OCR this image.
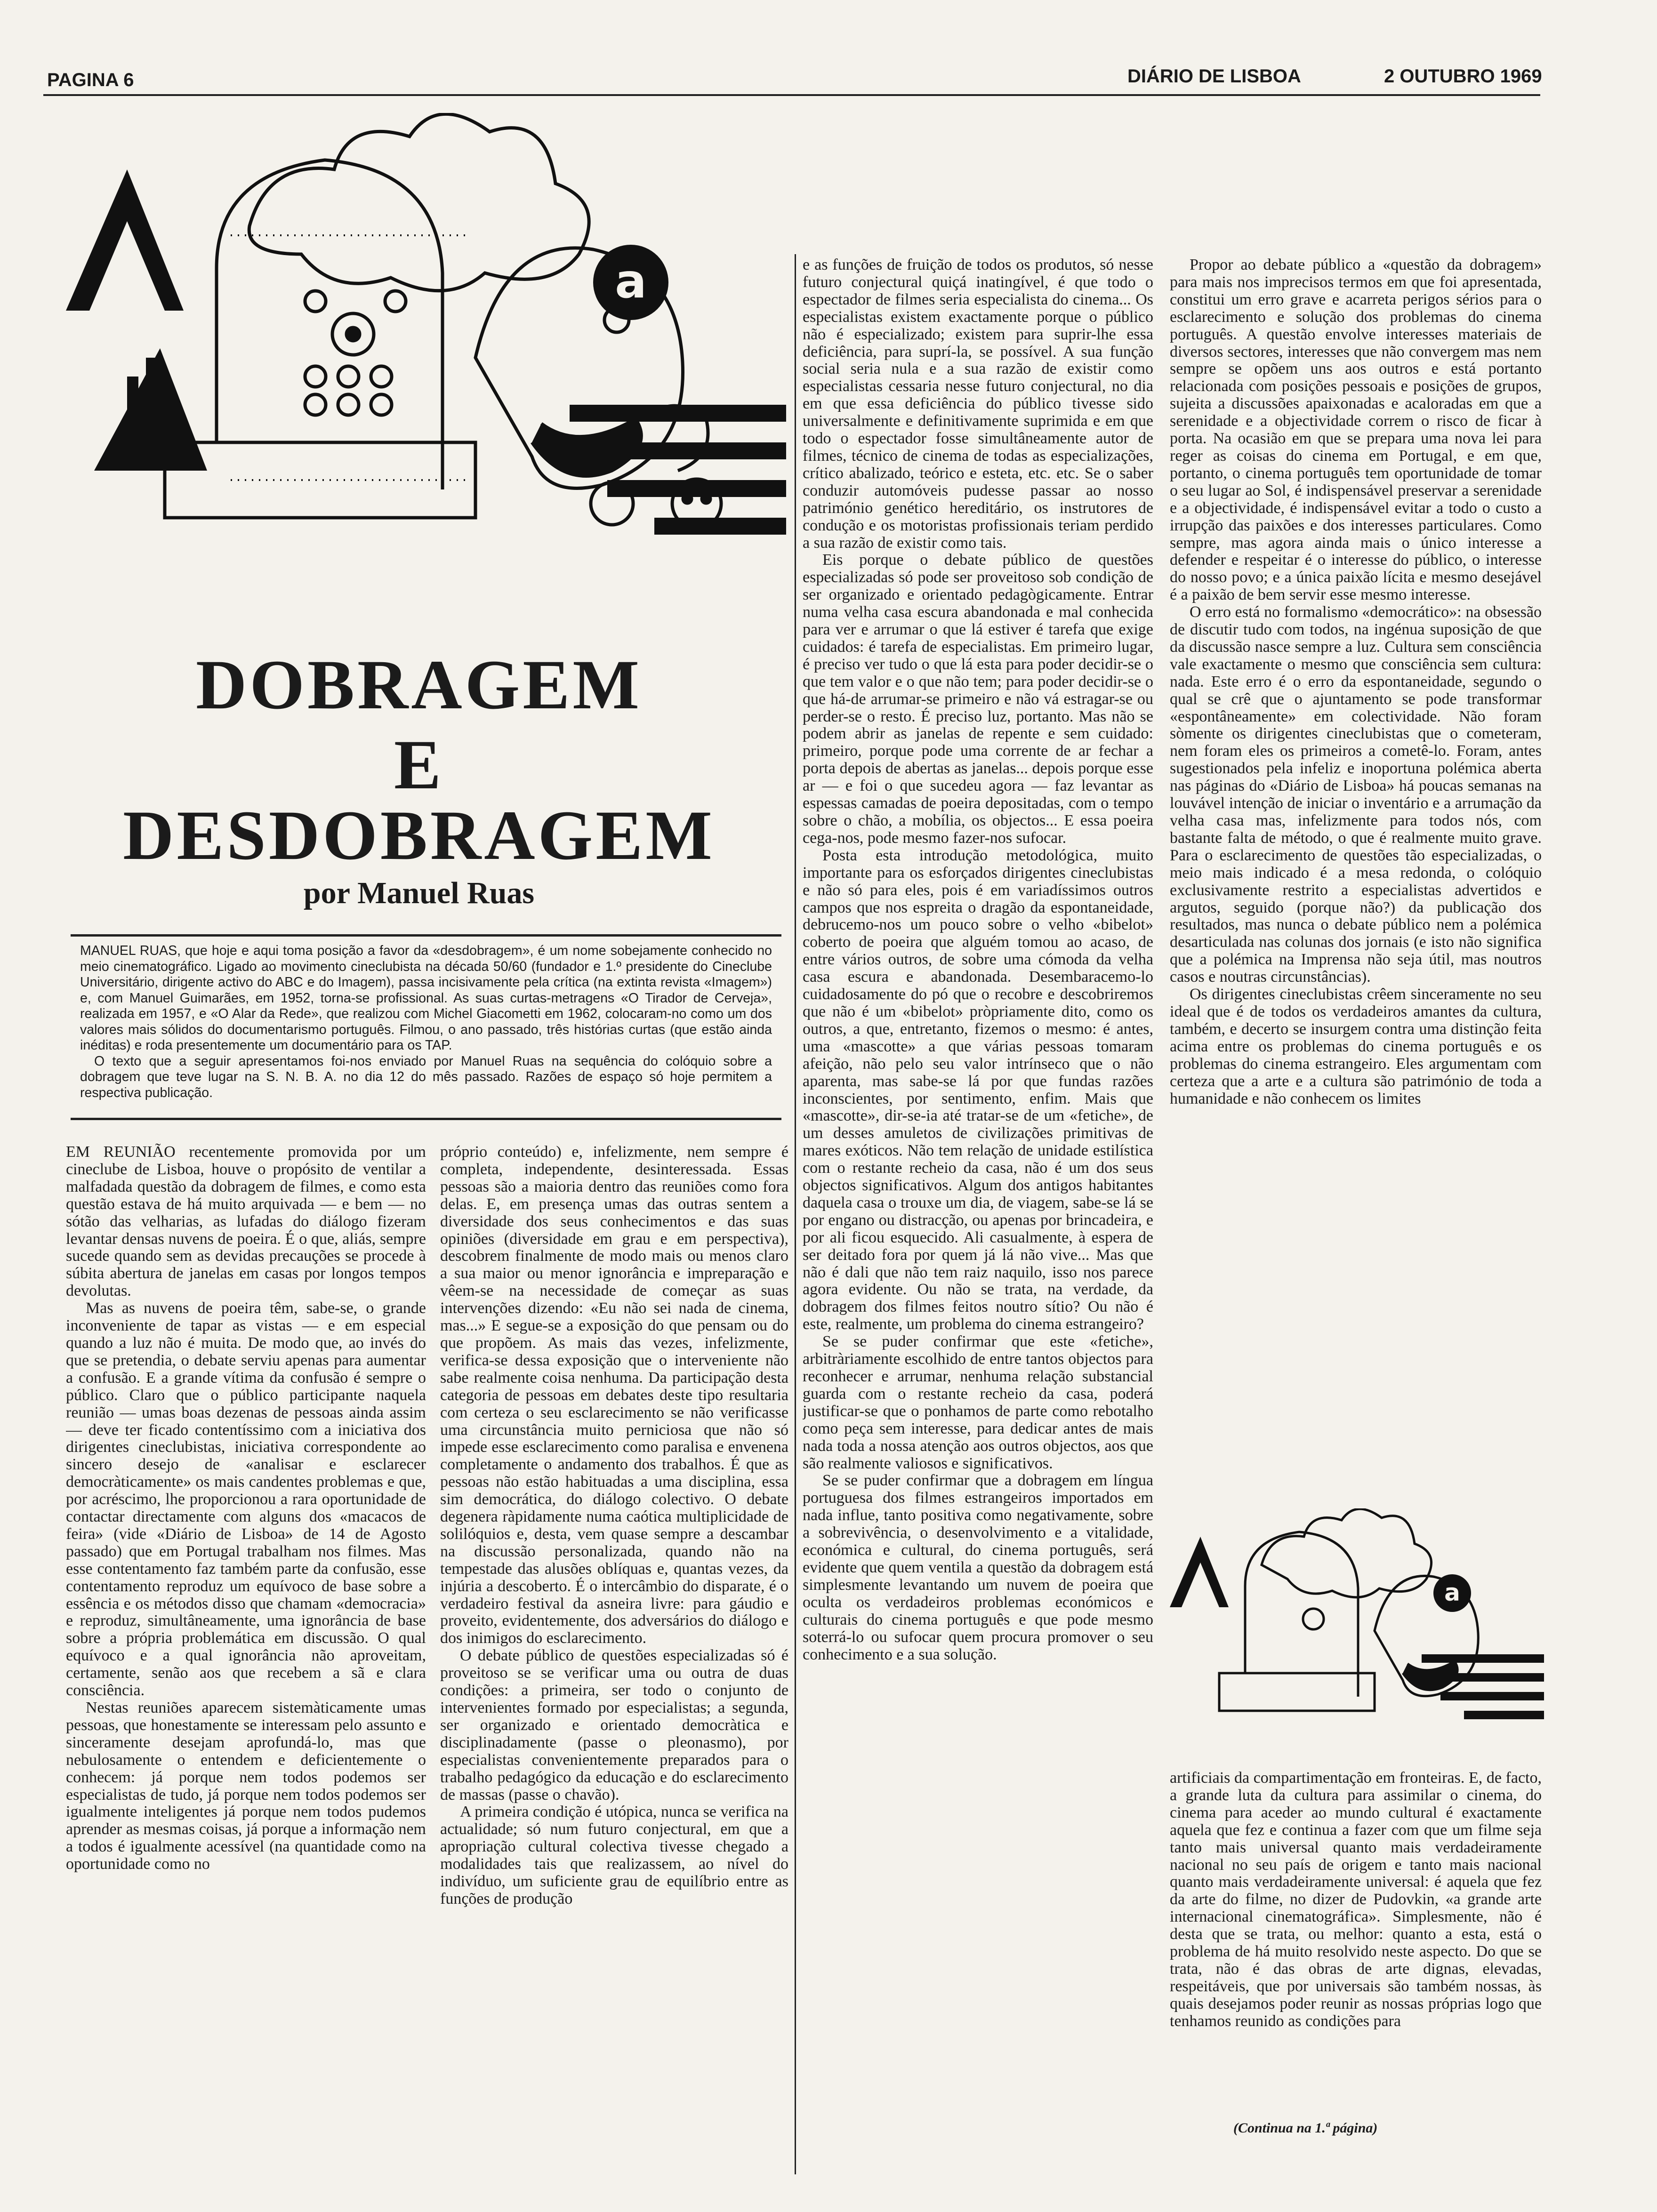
PAGINA 6	DIÁRIO DE LISBOA	2 OUTUBRO 1969
a
DOBRAGEM
E
DESDOBRAGEM
por Manuel Ruas

MANUEL RUAS, que hoje e aqui toma posição a favor da «desdobragem», é um nome sobejamente conhecido no meio cinematográfico. Ligado ao movimento cineclubista na década 50/60 (fundador e 1.º presidente do Cineclube Universitário, dirigente activo do ABC e do Imagem), passa incisivamente pela crítica (na extinta revista «Imagem») e, com Manuel Guimarães, em 1952, torna-se profissional. As suas curtas-metragens «O Tirador de Cerveja», realizada em 1957, e «O Alar da Rede», que realizou com Michel Giacometti em 1962, colocaram-no como um dos valores mais sólidos do documentarismo português. Filmou, o ano passado, três histórias curtas (que estão ainda inéditas) e roda presentemente um documentário para os TAP.

O texto que a seguir apresentamos foi-nos enviado por Manuel Ruas na sequência do colóquio sobre a dobragem que teve lugar na S. N. B. A. no dia 12 do mês passado. Razões de espaço só hoje permitem a respectiva publicação.

EM REUNIÃO recentemente promovida por um cineclube de Lisboa, houve o propósito de ventilar a malfadada questão da dobragem de filmes, e como esta questão estava de há muito arquivada — e bem — no sótão das velharias, as lufadas do diálogo fizeram levantar densas nuvens de poeira. É o que, aliás, sempre sucede quando sem as devidas precauções se procede à súbita abertura de janelas em casas por longos tempos devolutas.

Mas as nuvens de poeira têm, sabe-se, o grande inconveniente de tapar as vistas — e em especial quando a luz não é muita. De modo que, ao invés do que se pretendia, o debate serviu apenas para aumentar a confusão. E a grande vítima da confusão é sempre o público. Claro que o público participante naquela reunião — umas boas dezenas de pessoas ainda assim — deve ter ficado contentíssimo com a iniciativa dos dirigentes cineclubistas, iniciativa correspondente ao sincero desejo de «analisar e esclarecer democràticamente» os mais candentes problemas e que, por acréscimo, lhe proporcionou a rara oportunidade de contactar directamente com alguns dos «macacos de feira» (vide «Diário de Lisboa» de 14 de Agosto passado) que em Portugal trabalham nos filmes. Mas esse contentamento faz também parte da confusão, esse contentamento reproduz um equívoco de base sobre a essência e os métodos disso que chamam «democracia» e reproduz, simultâneamente, uma ignorância de base sobre a própria problemática em discussão. O qual equívoco e a qual ignorância não aproveitam, certamente, senão aos que recebem a sã e clara consciência.

Nestas reuniões aparecem sistemàticamente umas pessoas, que honestamente se interessam pelo assunto e sinceramente desejam aprofundá-lo, mas que nebulosamente o entendem e deficientemente o conhecem: já porque nem todos podemos ser especialistas de tudo, já porque nem todos podemos ser igualmente inteligentes já porque nem todos pudemos aprender as mesmas coisas, já porque a informação nem a todos é igualmente acessível (na quantidade como na oportunidade como no

próprio conteúdo) e, infelizmente, nem sempre é completa, independente, desinteressada. Essas pessoas são a maioria dentro das reuniões como fora delas. E, em presença umas das outras sentem a diversidade dos seus conhecimentos e das suas opiniões (diversidade em grau e em perspectiva), descobrem finalmente de modo mais ou menos claro a sua maior ou menor ignorância e impreparação e vêem-se na necessidade de começar as suas intervenções dizendo: «Eu não sei nada de cinema, mas...» E segue-se a exposição do que pensam ou do que propõem. As mais das vezes, infelizmente, verifica-se dessa exposição que o interveniente não sabe realmente coisa nenhuma. Da participação desta categoria de pessoas em debates deste tipo resultaria com certeza o seu esclarecimento se não verificasse uma circunstância muito perniciosa que não só impede esse esclarecimento como paralisa e envenena completamente o andamento dos trabalhos. É que as pessoas não estão habituadas a uma disciplina, essa sim democrática, do diálogo colectivo. O debate degenera ràpidamente numa caótica multiplicidade de solilóquios e, desta, vem quase sempre a descambar na discussão personalizada, quando não na tempestade das alusões oblíquas e, quantas vezes, da injúria a descoberto. É o intercâmbio do disparate, é o verdadeiro festival da asneira livre: para gáudio e proveito, evidentemente, dos adversários do diálogo e dos inimigos do esclarecimento.

O debate público de questões especializadas só é proveitoso se se verificar uma ou outra de duas condições: a primeira, ser todo o conjunto de intervenientes formado por especialistas; a segunda, ser organizado e orientado democràtica e disciplinadamente (passe o pleonasmo), por especialistas convenientemente preparados para o trabalho pedagógico da educação e do esclarecimento de massas (passe o chavão).

A primeira condição é utópica, nunca se verifica na actualidade; só num futuro conjectural, em que a apropriação cultural colectiva tivesse chegado a modalidades tais que realizassem, ao nível do indivíduo, um suficiente grau de equilíbrio entre as funções de produção

e as funções de fruição de todos os produtos, só nesse futuro conjectural quiçá inatingível, é que todo o espectador de filmes seria especialista do cinema... Os especialistas existem exactamente porque o público não é especializado; existem para suprir-lhe essa deficiência, para suprí-la, se possível. A sua função social seria nula e a sua razão de existir como especialistas cessaria nesse futuro conjectural, no dia em que essa deficiência do público tivesse sido universalmente e definitivamente suprimida e em que todo o espectador fosse simultâneamente autor de filmes, técnico de cinema de todas as especializações, crítico abalizado, teórico e esteta, etc. etc. Se o saber conduzir automóveis pudesse passar ao nosso património genético hereditário, os instrutores de condução e os motoristas profissionais teriam perdido a sua razão de existir como tais.

Eis porque o debate público de questões especializadas só pode ser proveitoso sob condição de ser organizado e orientado pedagògicamente. Entrar numa velha casa escura abandonada e mal conhecida para ver e arrumar o que lá estiver é tarefa que exige cuidados: é tarefa de especialistas. Em primeiro lugar, é preciso ver tudo o que lá esta para poder decidir-se o que tem valor e o que não tem; para poder decidir-se o que há-de arrumar-se primeiro e não vá estragar-se ou perder-se o resto. É preciso luz, portanto. Mas não se podem abrir as janelas de repente e sem cuidado: primeiro, porque pode uma corrente de ar fechar a porta depois de abertas as janelas... depois porque esse ar — e foi o que sucedeu agora — faz levantar as espessas camadas de poeira depositadas, com o tempo sobre o chão, a mobília, os objectos... E essa poeira cega-nos, pode mesmo fazer-nos sufocar.

Posta esta introdução metodológica, muito importante para os esforçados dirigentes cineclubistas e não só para eles, pois é em variadíssimos outros campos que nos espreita o dragão da espontaneidade, debrucemo-nos um pouco sobre o velho «bibelot» coberto de poeira que alguém tomou ao acaso, de entre vários outros, de sobre uma cómoda da velha casa escura e abandonada. Desembaracemo-lo cuidadosamente do pó que o recobre e descobriremos que não é um «bibelot» pròpriamente dito, como os outros, a que, entretanto, fizemos o mesmo: é antes, uma «mascotte» a que várias pessoas tomaram afeição, não pelo seu valor intrínseco que o não aparenta, mas sabe-se lá por que fundas razões inconscientes, por sentimento, enfim. Mais que «mascotte», dir-se-ia até tratar-se de um «fetiche», de um desses amuletos de civilizações primitivas de mares exóticos. Não tem relação de unidade estilística com o restante recheio da casa, não é um dos seus objectos significativos. Algum dos antigos habitantes daquela casa o trouxe um dia, de viagem, sabe-se lá se por engano ou distracção, ou apenas por brincadeira, e por ali ficou esquecido. Ali casualmente, à espera de ser deitado fora por quem já lá não vive... Mas que não é dali que não tem raiz naquilo, isso nos parece agora evidente. Ou não se trata, na verdade, da dobragem dos filmes feitos noutro sítio? Ou não é este, realmente, um problema do cinema estrangeiro?

Se se puder confirmar que este «fetiche», arbitràriamente escolhido de entre tantos objectos para reconhecer e arrumar, nenhuma relação substancial guarda com o restante recheio da casa, poderá justificar-se que o ponhamos de parte como rebotalho como peça sem interesse, para dedicar antes de mais nada toda a nossa atenção aos outros objectos, aos que são realmente valiosos e significativos.

Se se puder confirmar que a dobragem em língua portuguesa dos filmes estrangeiros importados em nada influe, tanto positiva como negativamente, sobre a sobrevivência, o desenvolvimento e a vitalidade, económica e cultural, do cinema português, será evidente que quem ventila a questão da dobragem está simplesmente levantando um nuvem de poeira que oculta os verdadeiros problemas económicos e culturais do cinema português e que pode mesmo soterrá-lo ou sufocar quem procura promover o seu conhecimento e a sua solução.

Propor ao debate público a «questão da dobragem» para mais nos imprecisos termos em que foi apresentada, constitui um erro grave e acarreta perigos sérios para o esclarecimento e solução dos problemas do cinema português. A questão envolve interesses materiais de diversos sectores, interesses que não convergem mas nem sempre se opõem uns aos outros e está portanto relacionada com posições pessoais e posições de grupos, sujeita a discussões apaixonadas e acaloradas em que a serenidade e a objectividade correm o risco de ficar à porta. Na ocasião em que se prepara uma nova lei para reger as coisas do cinema em Portugal, e em que, portanto, o cinema português tem oportunidade de tomar o seu lugar ao Sol, é indispensável preservar a serenidade e a objectividade, é indispensável evitar a todo o custo a irrupção das paixões e dos interesses particulares. Como sempre, mas agora ainda mais o único interesse a defender e respeitar é o interesse do público, o interesse do nosso povo; e a única paixão lícita e mesmo desejável é a paixão de bem servir esse mesmo interesse.

O erro está no formalismo «democrático»: na obsessão de discutir tudo com todos, na ingénua suposição de que da discussão nasce sempre a luz. Cultura sem consciência vale exactamente o mesmo que consciência sem cultura: nada. Este erro é o erro da espontaneidade, segundo o qual se crê que o ajuntamento se pode transformar «espontâneamente» em colectividade. Não foram sòmente os dirigentes cineclubistas que o cometeram, nem foram eles os primeiros a cometê-lo. Foram, antes sugestionados pela infeliz e inoportuna polémica aberta nas páginas do «Diário de Lisboa» há poucas semanas na louvável intenção de iniciar o inventário e a arrumação da velha casa mas, infelizmente para todos nós, com bastante falta de método, o que é realmente muito grave. Para o esclarecimento de questões tão especializadas, o meio mais indicado é a mesa redonda, o colóquio exclusivamente restrito a especialistas advertidos e argutos, seguido (porque não?) da publicação dos resultados, mas nunca o debate público nem a polémica desarticulada nas colunas dos jornais (e isto não significa que a polémica na Imprensa não seja útil, mas noutros casos e noutras circunstâncias).

Os dirigentes cineclubistas crêem sinceramente no seu ideal que é de todos os verdadeiros amantes da cultura, também, e decerto se insurgem contra uma distinção feita acima entre os problemas do cinema português e os problemas do cinema estrangeiro. Eles argumentam com certeza que a arte e a cultura são património de toda a humanidade e não conhecem os limites

a

artificiais da compartimentação em fronteiras. E, de facto, a grande luta da cultura para assimilar o cinema, do cinema para aceder ao mundo cultural é exactamente aquela que fez e continua a fazer com que um filme seja tanto mais universal quanto mais verdadeiramente nacional no seu país de origem e tanto mais nacional quanto mais verdadeiramente universal: é aquela que fez da arte do filme, no dizer de Pudovkin, «a grande arte internacional cinematográfica». Simplesmente, não é desta que se trata, ou melhor: quanto a esta, está o problema de há muito resolvido neste aspecto. Do que se trata, não é das obras de arte dignas, elevadas, respeitáveis, que por universais são também nossas, às quais desejamos poder reunir as nossas próprias logo que tenhamos reunido as condições para

(Continua na 1.ª página)
